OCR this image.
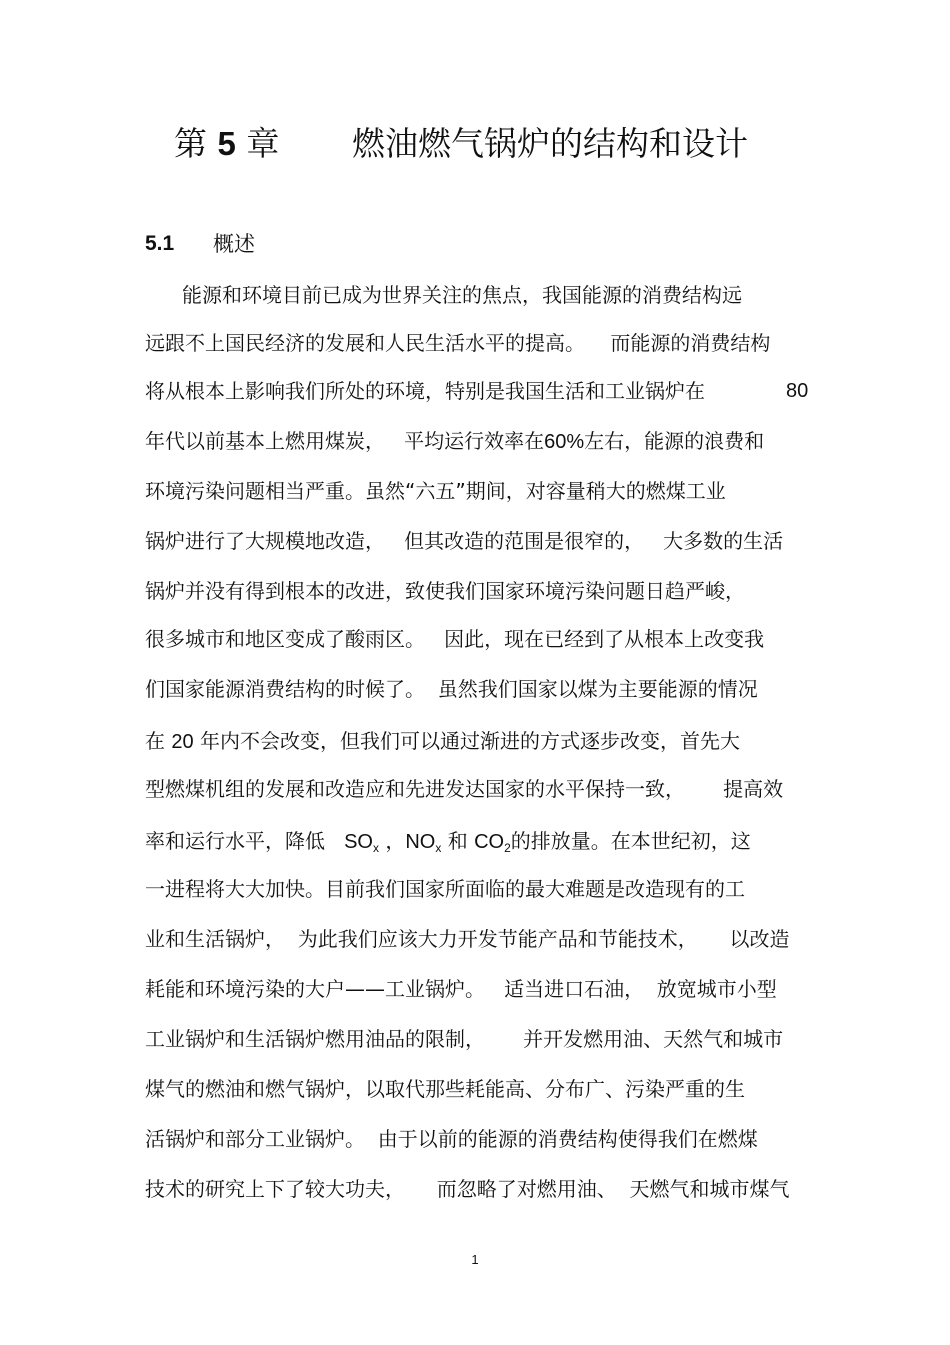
第 5 章 燃油燃气锅炉的结构和设计
5.1 概述
能源和环境目前已成为世界关注的焦点，我国能源的消费结构远
远跟不上国民经济的发展和人民生活水平的提高。    而能源的消费结构
将从根本上影响我们所处的环境，特别是我国生活和工业锅炉在	80
年代以前基本上燃用煤炭，   平均运行效率在60%左右，能源的浪费和
环境污染问题相当严重。虽然“六五”期间，对容量稍大的燃煤工业
锅炉进行了大规模地改造，   但其改造的范围是很窄的，   大多数的生活
锅炉并没有得到根本的改进，致使我们国家环境污染问题日趋严峻，
很多城市和地区变成了酸雨区。   因此，现在已经到了从根本上改变我
们国家能源消费结构的时候了。  虽然我们国家以煤为主要能源的情况
在 20 年内不会改变，但我们可以通过渐进的方式逐步改变，首先大
型燃煤机组的发展和改造应和先进发达国家的水平保持一致，      提高效
率和运行水平，降低   $SO_x$ ，$NO_x$ 和 $CO_2$的排放量。在本世纪初，这
一进程将大大加快。目前我们国家所面临的最大难题是改造现有的工
业和生活锅炉，  为此我们应该大力开发节能产品和节能技术，     以改造
耗能和环境污染的大户——工业锅炉。   适当进口石油，  放宽城市小型
工业锅炉和生活锅炉燃用油品的限制，      并开发燃用油、天然气和城市
煤气的燃油和燃气锅炉，以取代那些耗能高、分布广、污染严重的生
活锅炉和部分工业锅炉。  由于以前的能源的消费结构使得我们在燃煤
技术的研究上下了较大功夫，     而忽略了对燃用油、  天燃气和城市煤气
1
